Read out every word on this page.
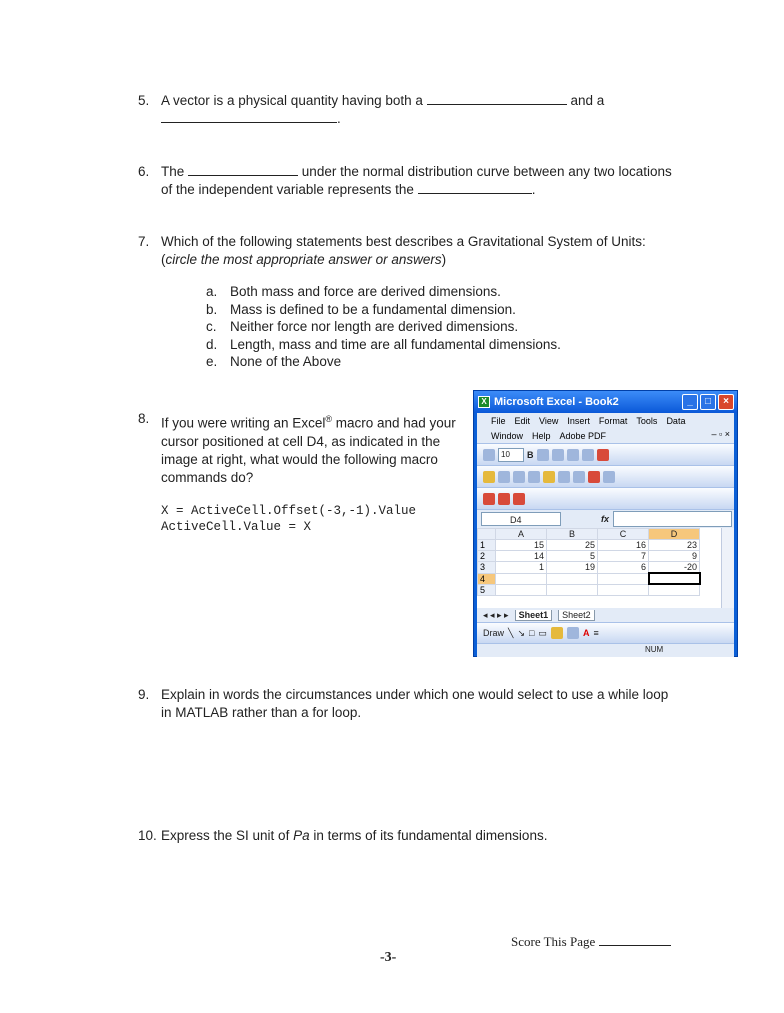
5. A vector is a physical quantity having both a	and a
.
6. The	under the normal distribution curve between any two locations of the independent variable represents the	.
7. Which of the following statements best describes a Gravitational System of Units: (circle the most appropriate answer or answers)
a. Both mass and force are derived dimensions.
b. Mass is defined to be a fundamental dimension.
c. Neither force nor length are derived dimensions.
d. Length, mass and time are all fundamental dimensions.
e. None of the Above
8. If you were writing an Excel® macro and had your cursor positioned at cell D4, as indicated in the image at right, what would the following macro commands do?
X = ActiveCell.Offset(-3,-1).Value
ActiveCell.Value = X
X Microsoft Excel - Book2	_	□	×
File Edit View Insert Format Tools Data
Window Help Adobe PDF	– ▫ ×
10	B
D4	fx
	A	B	C	D
1	15	25	16	23
2	14	5	7	9
3	1	19	6	-20
4				
5				
◂ ◂ ▸ ▸	Sheet1	Sheet2
Draw ╲ ↘ □ ▭	A ≡
NUM
9. Explain in words the circumstances under which one would select to use a while loop in MATLAB rather than a for loop.
10. Express the SI unit of Pa in terms of its fundamental dimensions.
Score This Page
-3-
